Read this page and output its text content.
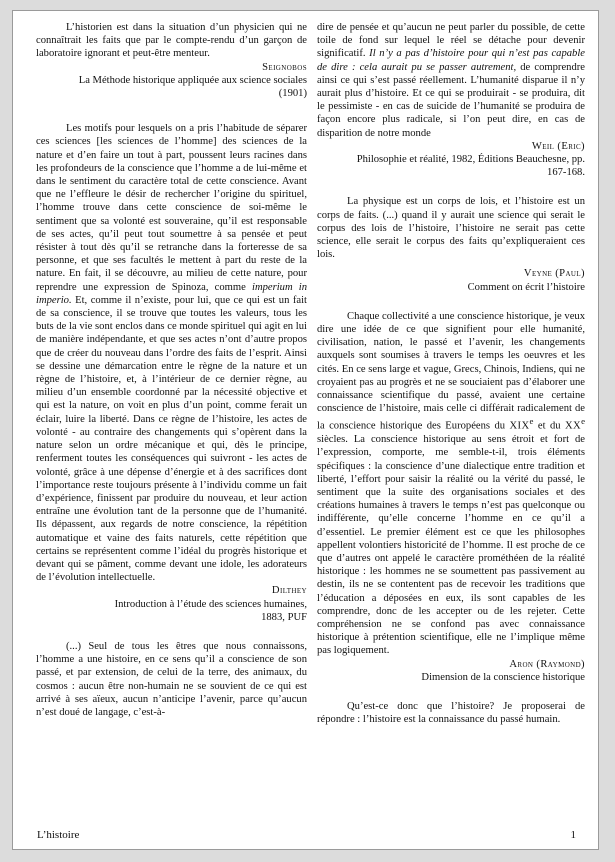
L’historien est dans la situation d’un physicien qui ne connaîtrait les faits que par le compte-rendu d’un garçon de laboratoire ignorant et peut-être menteur.

Seignobos

La Méthode historique appliquée aux science sociales (1901)

Les motifs pour lesquels on a pris l’habitude de séparer ces sciences [les sciences de l’homme] des sciences de la nature et d’en faire un tout à part, poussent leurs racines dans les profondeurs de la conscience que l’homme a de lui-même et dans le sentiment du caractère total de cette conscience. Avant que ne l’effleure le désir de rechercher l’origine du spirituel, l’homme trouve dans cette conscience de soi-même le sentiment que sa volonté est souveraine, qu’il est responsable de ses actes, qu’il peut tout soumettre à sa pensée et peut résister à tout dès qu’il se retranche dans la forteresse de sa personne, et que ses facultés le mettent à part du reste de la nature. En fait, il se découvre, au milieu de cette nature, pour reprendre une expression de Spinoza, comme imperium in imperio. Et, comme il n’existe, pour lui, que ce qui est un fait de sa conscience, il se trouve que toutes les valeurs, tous les buts de la vie sont enclos dans ce monde spirituel qui agit en lui de manière indépendante, et que ses actes n’ont d’autre propos que de créer du nouveau dans l’ordre des faits de l’esprit. Ainsi se dessine une démarcation entre le règne de la nature et un règne de l’histoire, et, à l’intérieur de ce dernier règne, au milieu d’un ensemble coordonné par la nécessité objective et qui est la nature, on voit en plus d’un point, comme ferait un éclair, luire la liberté. Dans ce règne de l’histoire, les actes de volonté - au contraire des changements qui s’opèrent dans la nature selon un ordre mécanique et qui, dès le principe, renferment toutes les conséquences qui suivront - les actes de volonté, grâce à une dépense d’énergie et à des sacrifices dont l’importance reste toujours présente à l’individu comme un fait d’expérience, finissent par produire du nouveau, et leur action entraîne une évolution tant de la personne que de l’humanité. Ils dépassent, aux regards de notre conscience, la répétition automatique et vaine des faits naturels, cette répétition que certains se représentent comme l’idéal du progrès historique et devant qui se pâment, comme devant une idole, les adorateurs de l’évolution intellectuelle.

Dilthey

Introduction à l’étude des sciences humaines, 1883, PUF

(...) Seul de tous les êtres que nous connaissons, l’homme a une histoire, en ce sens qu’il a conscience de son passé, et par extension, de celui de la terre, des animaux, du cosmos : aucun être non-humain ne se souvient de ce qui est arrivé à ses aïeux, aucun n’anticipe l’avenir, parce qu’aucun n’est doué de langage, c’est-à-

dire de pensée et qu’aucun ne peut parler du possible, de cette toile de fond sur lequel le réel se détache pour devenir significatif. Il n’y a pas d’histoire pour qui n’est pas capable de dire : cela aurait pu se passer autrement, de comprendre ainsi ce qui s’est passé réellement. L’humanité disparue il n’y aurait plus d’histoire. Et ce qui se produirait - se produira, dit le pessimiste - en cas de suicide de l’humanité se produira de façon encore plus radicale, si l’on peut dire, en cas de disparition de notre monde

Weil (Eric)

Philosophie et réalité, 1982, Éditions Beauchesne, pp. 167-168.

La physique est un corps de lois, et l’histoire est un corps de faits. (...) quand il y aurait une science qui serait le corpus des lois de l’histoire, l’histoire ne serait pas cette science, elle serait le corpus des faits qu’expliqueraient ces lois.

Veyne (Paul)

Comment on écrit l’histoire

Chaque collectivité a une conscience historique, je veux dire une idée de ce que signifient pour elle humanité, civilisation, nation, le passé et l’avenir, les changements auxquels sont soumises à travers le temps les oeuvres et les cités. En ce sens large et vague, Grecs, Chinois, Indiens, qui ne croyaient pas au progrès et ne se souciaient pas d’élaborer une connaissance scientifique du passé, avaient une certaine conscience de l’histoire, mais celle ci différait radicalement de la conscience historique des Européens du XIXe et du XXe siècles. La conscience historique au sens étroit et fort de l’expression, comporte, me semble-t-il, trois éléments spécifiques : la conscience d’une dialectique entre tradition et liberté, l’effort pour saisir la réalité ou la vérité du passé, le sentiment que la suite des organisations sociales et des créations humaines à travers le temps n’est pas quelconque ou indifférente, qu’elle concerne l’homme en ce qu’il a d’essentiel. Le premier élément est ce que les philosophes appellent volontiers historicité de l’homme. Il est proche de ce que d’autres ont appelé le caractère prométhéen de la réalité historique : les hommes ne se soumettent pas passivement au destin, ils ne se contentent pas de recevoir les traditions que l’éducation a déposées en eux, ils sont capables de les comprendre, donc de les accepter ou de les rejeter. Cette compréhension ne se confond pas avec connaissance historique à prétention scientifique, elle ne l’implique même pas logiquement.

Aron (Raymond)

Dimension de la conscience historique

Qu’est-ce donc que l’histoire? Je proposerai de répondre : l’histoire est la connaissance du passé humain.

L’histoire	1
